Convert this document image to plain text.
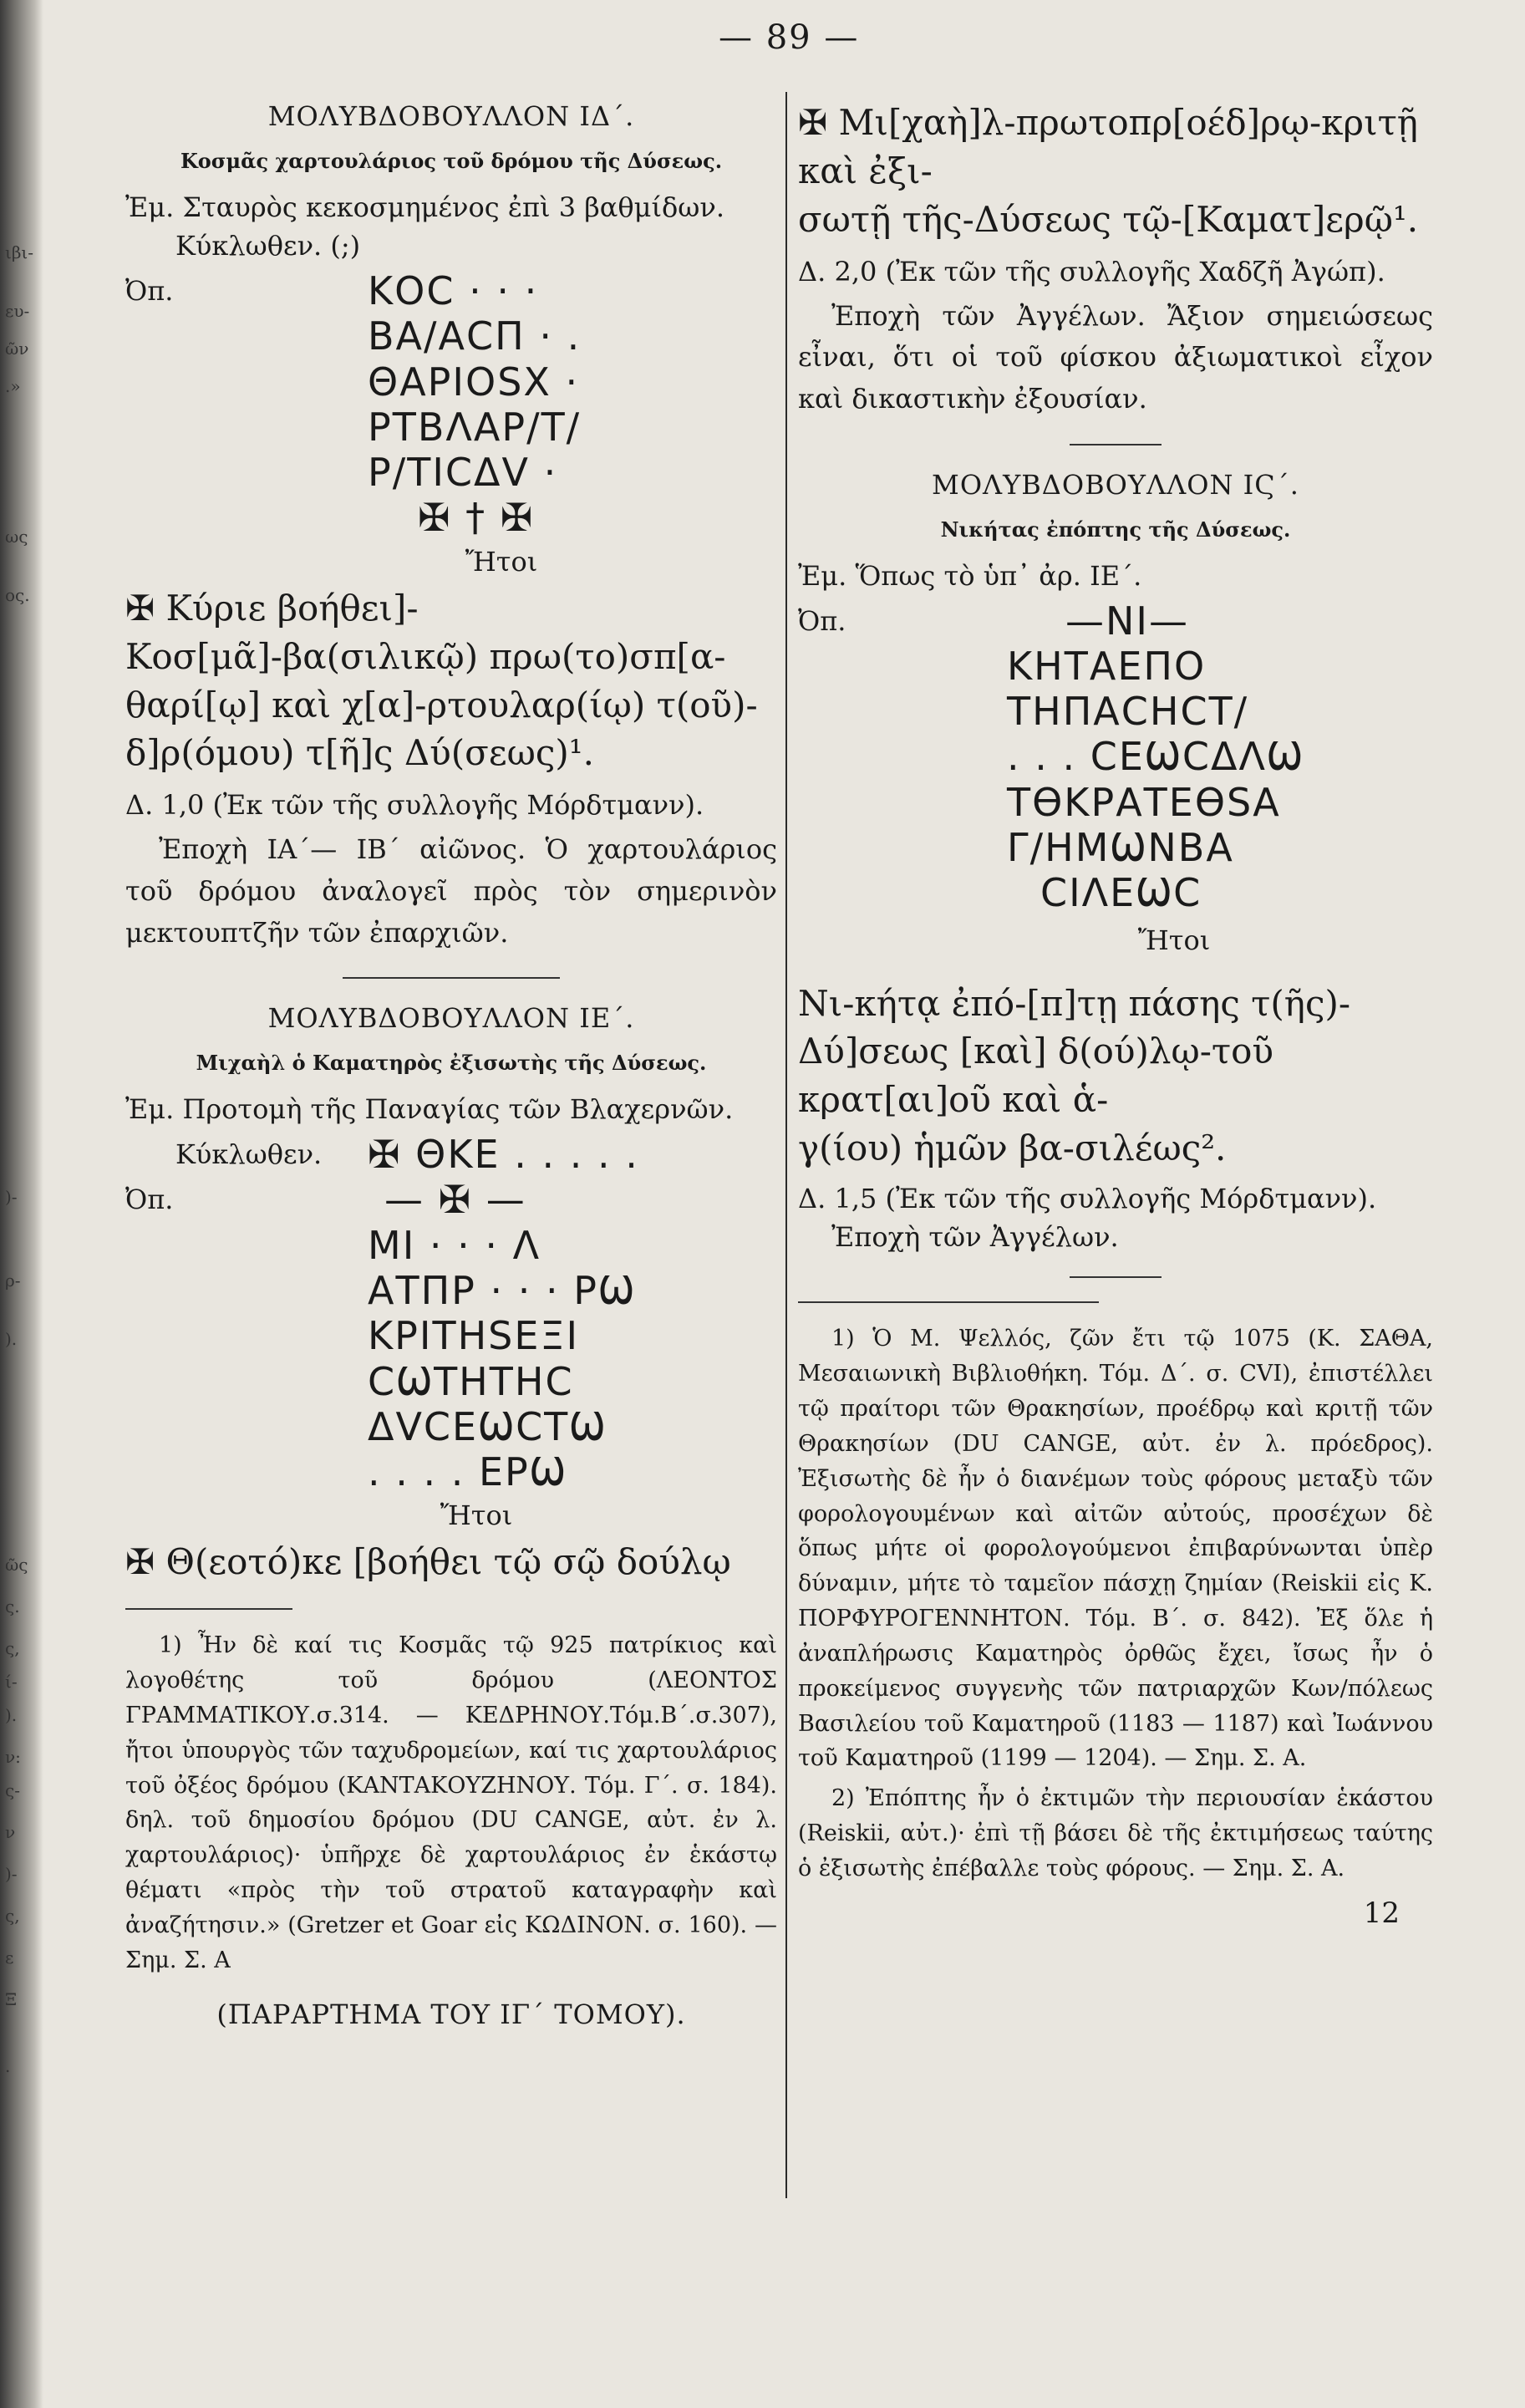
ιβι-
ευ-
ῶν
.»
ως
ος.
)-
ρ-
).
ῶς
ς.
ς,
ί-
).
ν:
ς-
ν
)-
ς,
ε
Ξ
.
— 89 —
ΜΟΛΥΒΔΟΒΟΥΛΛΟΝ ΙΔ΄.
Κοσμᾶς χαρτουλάριος τοῦ δρόμου τῆς Δύσεως.
Ἐμ. Σταυρὸς κεκοσμημένος ἐπὶ 3 βαθμίδων.
Κύκλωθεν. (;)
Ὀπ.	ΚΟC · · ·
ΒΑ/ΑCΠ · .
ΘΑΡΙΟSX ·
ΡΤΒΛΑΡ/Τ/
Ρ/ΤΙCΔV ·
✠ † ✠
Ἤτοι
✠ Κύριε βοήθει]-
Κοσ[μᾶ]-βα(σιλικῷ) πρω(το)σπ[α-
θαρί[ῳ] καὶ χ[α]-ρτουλαρ(ίῳ) τ(οῦ)-
δ]ρ(όμου) τ[ῆ]ς Δύ(σεως)¹.
Δ. 1,0 (Ἐκ τῶν τῆς συλλογῆς Μόρδτμανν).
Ἐποχὴ ΙΑ΄— ΙΒ΄ αἰῶνος. Ὁ χαρτουλάριος τοῦ δρόμου ἀναλογεῖ πρὸς τὸν σημερινὸν μεκτουπτζῆν τῶν ἐπαρχιῶν.
ΜΟΛΥΒΔΟΒΟΥΛΛΟΝ ΙΕ΄.
Μιχαὴλ ὁ Καματηρὸς ἐξισωτὴς τῆς Δύσεως.
Ἐμ. Προτομὴ τῆς Παναγίας τῶν Βλαχερνῶν.
Κύκλωθεν.	✠ ΘΚΕ . . . . .
Ὀπ.	— ✠ —
ΜΙ · · · Λ
ΑΤΠΡ · · · ΡѠ
ΚΡΙΤΗSΕΞΙ
CѠΤΗΤΗC
ΔVCΕѠCΤѠ
. . . . ΕΡѠ
Ἤτοι
✠ Θ(εοτό)κε [βοήθει τῷ σῷ δούλῳ
1) Ἦν δὲ καί τις Κοσμᾶς τῷ 925 πατρίκιος καὶ λογοθέτης τοῦ δρόμου (ΛΕΟΝΤΟΣ ΓΡΑΜΜΑΤΙΚΟΥ.σ.314. — ΚΕΔΡΗΝΟΥ.Τόμ.Β΄.σ.307), ἤτοι ὑπουργὸς τῶν ταχυδρομείων, καί τις χαρτουλάριος τοῦ ὀξέος δρόμου (ΚΑΝΤΑΚΟΥΖΗΝΟΥ. Τόμ. Γ΄. σ. 184). δηλ. τοῦ δημοσίου δρόμου (DU CANGE, αὐτ. ἐν λ. χαρτουλάριος)· ὑπῆρχε δὲ χαρτουλάριος ἐν ἑκάστῳ θέματι «πρὸς τὴν τοῦ στρατοῦ καταγραφὴν καὶ ἀναζήτησιν.» (Gretzer et Goar εἰς ΚΩΔΙΝΟΝ. σ. 160). — Σημ. Σ. Α
(ΠΑΡΑΡΤΗΜΑ ΤΟΥ ΙΓ΄ ΤΟΜΟΥ).
✠ Μι[χαὴ]λ-πρωτοπρ[οέδ]ρῳ-κριτῇ καὶ ἐξι-
σωτῇ τῆς-Δύσεως τῷ-[Καματ]ερῷ¹.
Δ. 2,0 (Ἐκ τῶν τῆς συλλογῆς Χαδζῆ Ἀγώπ).
Ἐποχὴ τῶν Ἀγγέλων. Ἄξιον σημειώσεως εἶναι, ὅτι οἱ τοῦ φίσκου ἀξιωματικοὶ εἶχον καὶ δικαστικὴν ἐξουσίαν.
ΜΟΛΥΒΔΟΒΟΥΛΛΟΝ ΙϚ΄.
Νικήτας ἐπόπτης τῆς Δύσεως.
Ἐμ. Ὅπως τὸ ὑπ᾽ ἀρ. ΙΕ΄.
Ὀπ.	—ΝΙ—
ΚΗΤΑΕΠΟ
ΤΗΠΑCΗCΤ/
. . . CΕѠCΔΛѠ
ΤѲΚΡΑΤΕѲSΑ
Γ/ΗΜѠΝΒΑ
CΙΛΕѠC
Ἤτοι
Νι-κήτᾳ ἐπό-[π]τῃ πάσης τ(ῆς)-
Δύ]σεως [καὶ] δ(ού)λῳ-τοῦ κρατ[αι]οῦ καὶ ἁ-
γ(ίου) ἡμῶν βα-σιλέως².
Δ. 1,5 (Ἐκ τῶν τῆς συλλογῆς Μόρδτμανν).
Ἐποχὴ τῶν Ἀγγέλων.
1) Ὁ Μ. Ψελλός, ζῶν ἔτι τῷ 1075 (Κ. ΣΑΘΑ, Μεσαιωνικὴ Βιβλιοθήκη. Τόμ. Δ΄. σ. CVI), ἐπιστέλλει τῷ πραίτορι τῶν Θρακησίων, προέδρῳ καὶ κριτῇ τῶν Θρακησίων (DU CANGE, αὐτ. ἐν λ. πρόεδρος). Ἐξισωτὴς δὲ ἦν ὁ διανέμων τοὺς φόρους μεταξὺ τῶν φορολογουμένων καὶ αἰτῶν αὐτούς, προσέχων δὲ ὅπως μήτε οἱ φορολογούμενοι ἐπιβαρύνωνται ὑπὲρ δύναμιν, μήτε τὸ ταμεῖον πάσχῃ ζημίαν (Reiskii εἰς Κ. ΠΟΡΦΥΡΟΓΕΝΝΗΤΟΝ. Τόμ. Β΄. σ. 842). Ἐξ ὅλε ἡ ἀναπλήρωσις Καματηρὸς ὀρθῶς ἔχει, ἴσως ἦν ὁ προκείμενος συγγενὴς τῶν πατριαρχῶν Κων/πόλεως Βασιλείου τοῦ Καματηροῦ (1183 — 1187) καὶ Ἰωάννου τοῦ Καματηροῦ (1199 — 1204). — Σημ. Σ. Α.
2) Ἐπόπτης ἦν ὁ ἐκτιμῶν τὴν περιουσίαν ἑκάστου (Reiskii, αὐτ.)· ἐπὶ τῇ βάσει δὲ τῆς ἐκτιμήσεως ταύτης ὁ ἐξισωτὴς ἐπέβαλλε τοὺς φόρους. — Σημ. Σ. Α.
12
